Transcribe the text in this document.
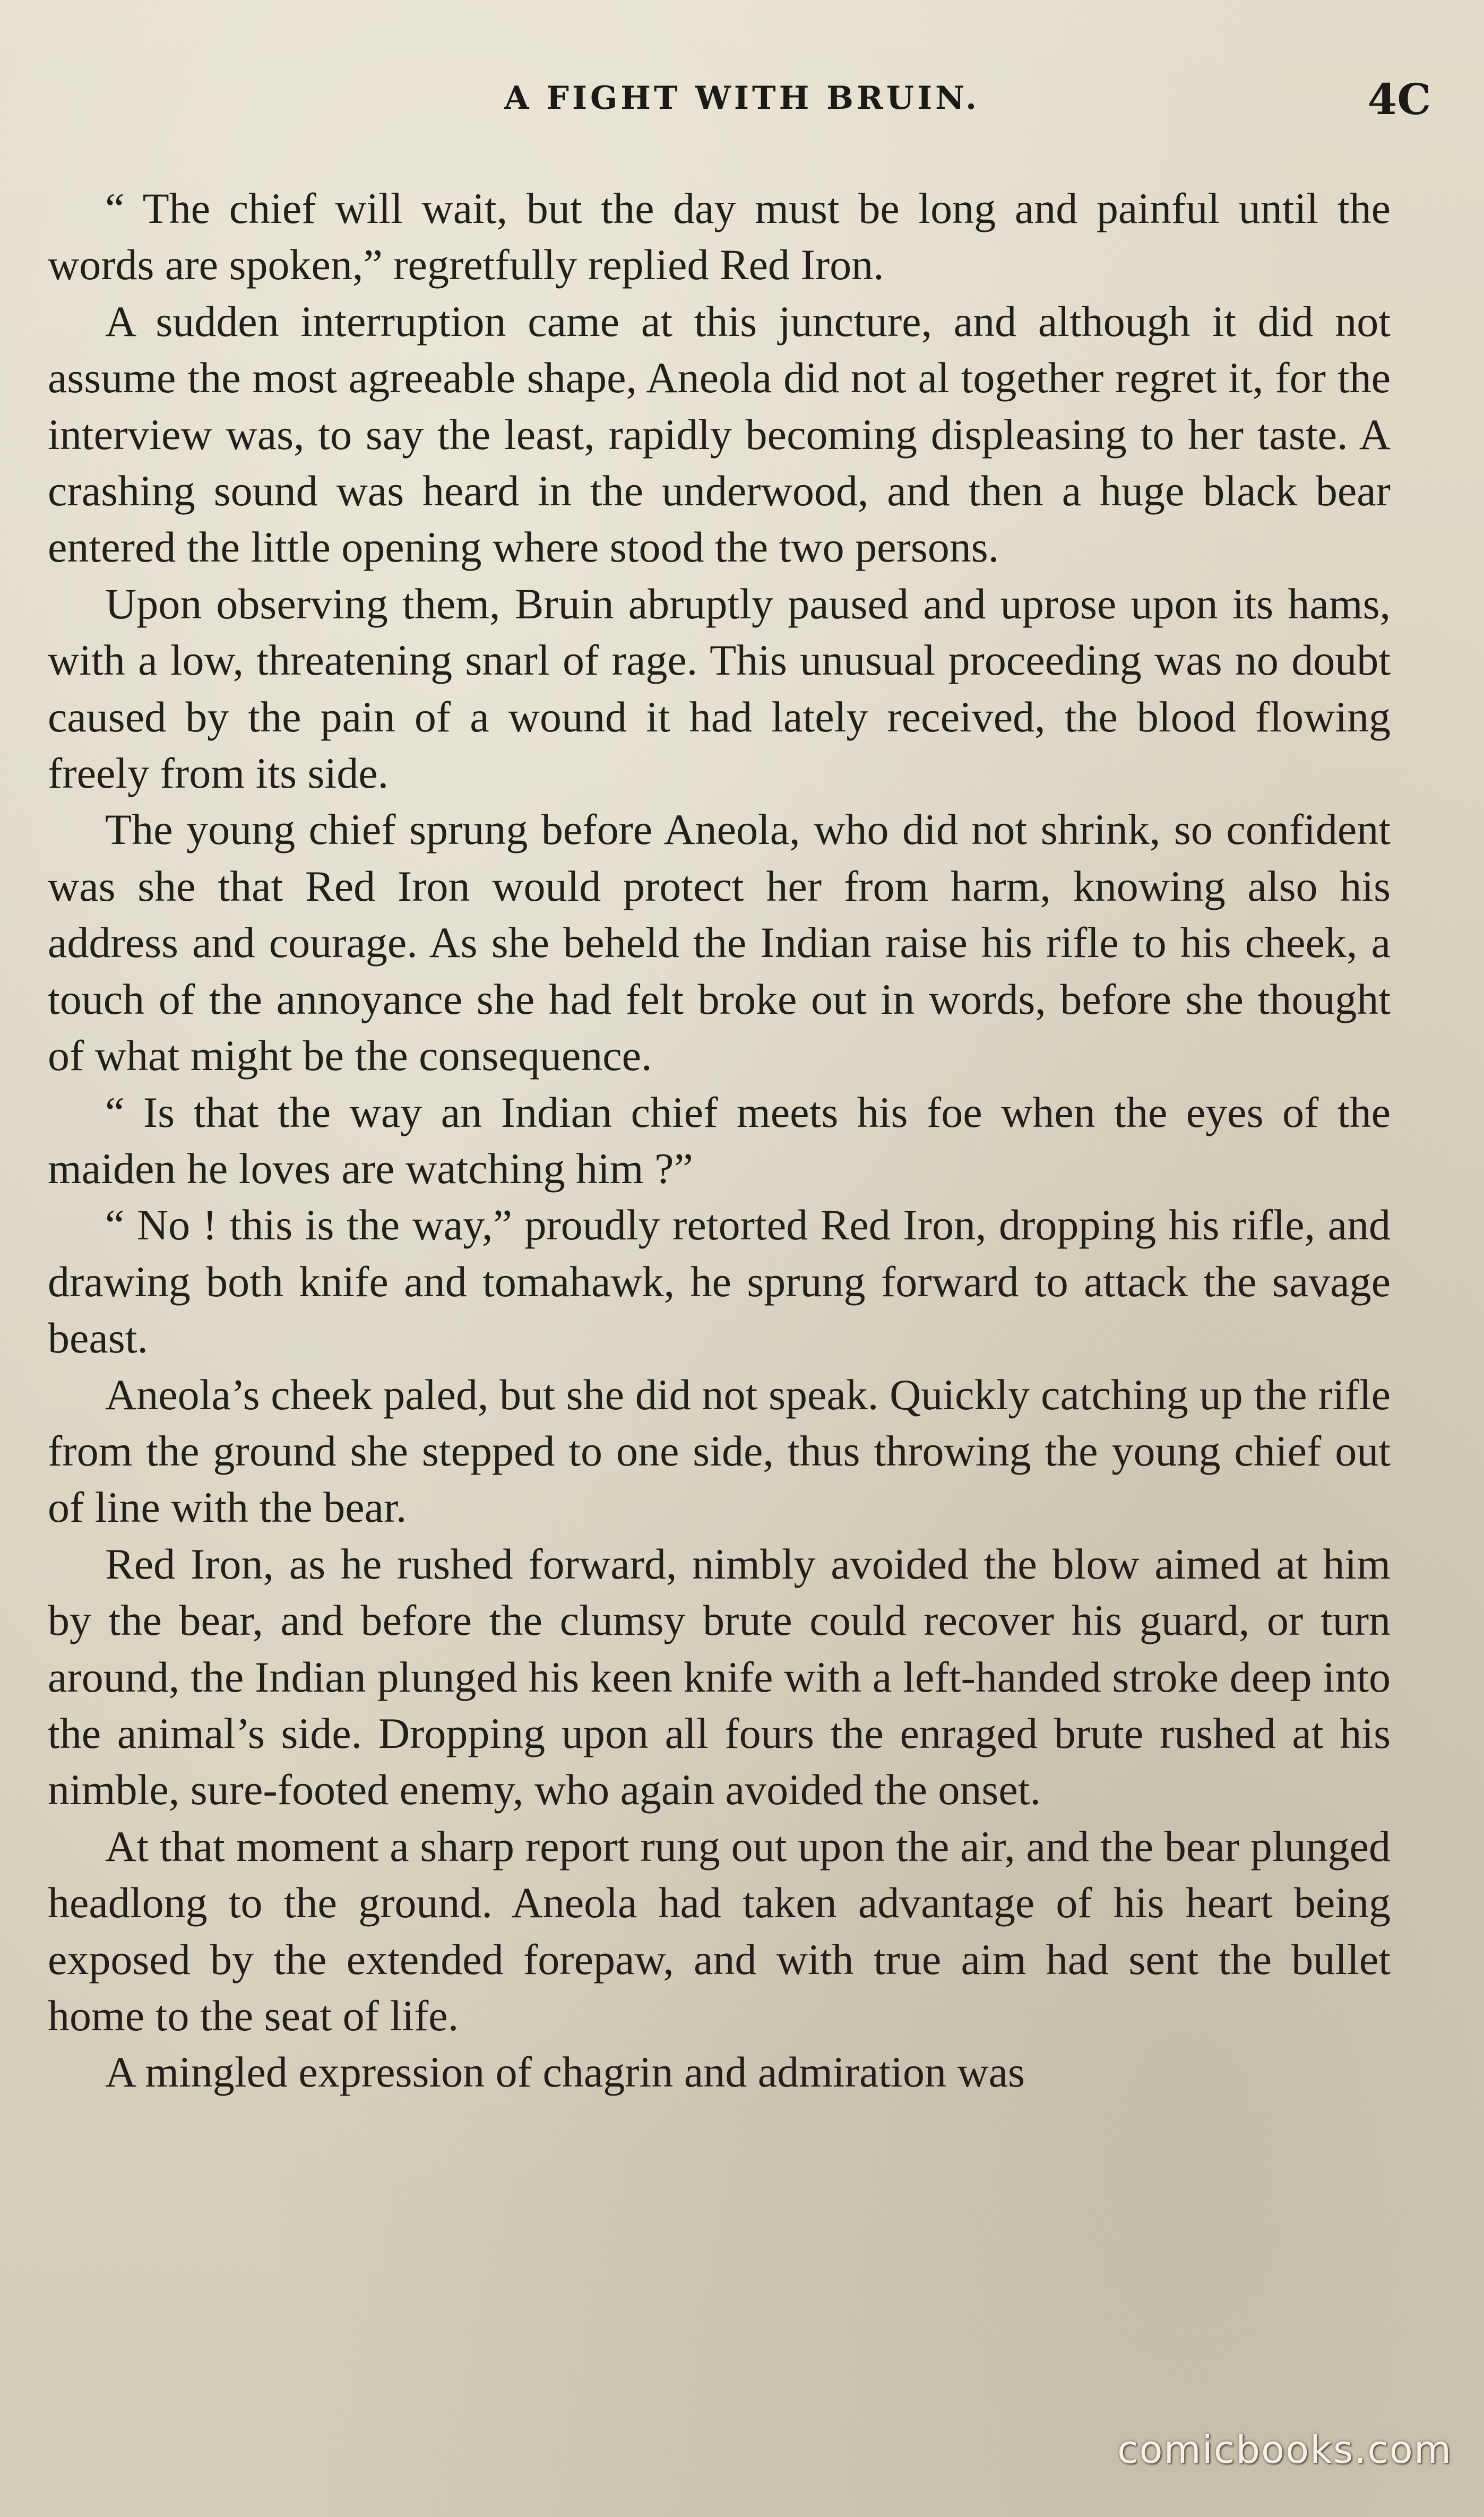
A FIGHT WITH BRUIN.	4C

“ The chief will wait, but the day must be long and painful until the words are spoken,” regretfully replied Red Iron.

A sudden interruption came at this juncture, and although it did not assume the most agreeable shape, Aneola did not al together regret it, for the interview was, to say the least, rapidly becoming displeasing to her taste. A crashing sound was heard in the underwood, and then a huge black bear entered the little opening where stood the two persons.

Upon observing them, Bruin abruptly paused and uprose upon its hams, with a low, threatening snarl of rage. This unusual proceeding was no doubt caused by the pain of a wound it had lately received, the blood flowing freely from its side.

The young chief sprung before Aneola, who did not shrink, so confident was she that Red Iron would protect her from harm, knowing also his address and courage. As she beheld the Indian raise his rifle to his cheek, a touch of the annoyance she had felt broke out in words, before she thought of what might be the consequence.

“ Is that the way an Indian chief meets his foe when the eyes of the maiden he loves are watching him ?”

“ No ! this is the way,” proudly retorted Red Iron, dropping his rifle, and drawing both knife and tomahawk, he sprung forward to attack the savage beast.

Aneola’s cheek paled, but she did not speak. Quickly catching up the rifle from the ground she stepped to one side, thus throwing the young chief out of line with the bear.

Red Iron, as he rushed forward, nimbly avoided the blow aimed at him by the bear, and before the clumsy brute could recover his guard, or turn around, the Indian plunged his keen knife with a left-handed stroke deep into the animal’s side. Dropping upon all fours the enraged brute rushed at his nimble, sure-footed enemy, who again avoided the onset.

At that moment a sharp report rung out upon the air, and the bear plunged headlong to the ground. Aneola had taken advantage of his heart being exposed by the extended forepaw, and with true aim had sent the bullet home to the seat of life.

A mingled expression of chagrin and admiration was

comicbooks.com
